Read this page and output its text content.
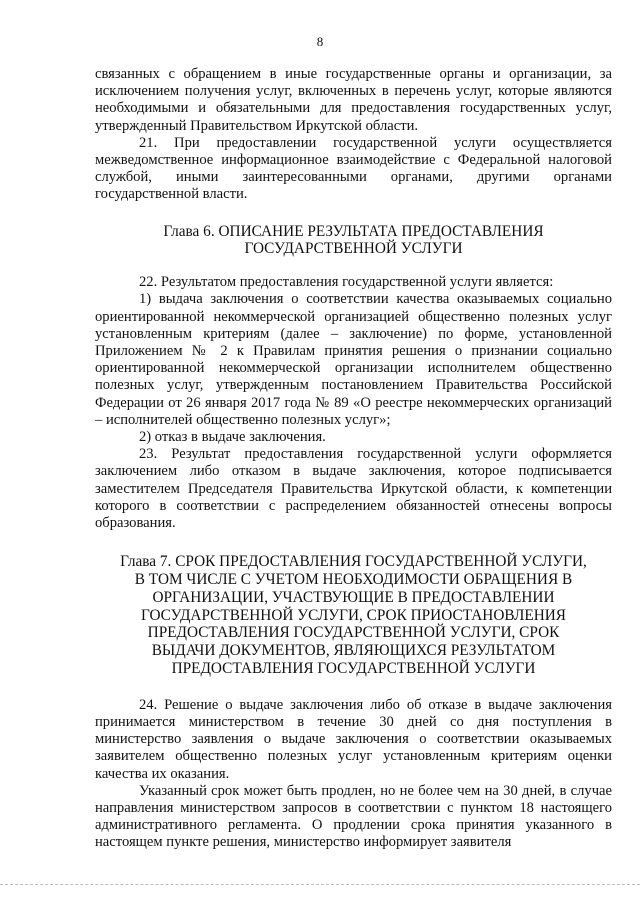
8

связанных с обращением в иные государственные органы и организации, за исключением получения услуг, включенных в перечень услуг, которые являются необходимыми и обязательными для предоставления государственных услуг, утвержденный Правительством Иркутской области.

21. При предоставлении государственной услуги осуществляется межведомственное информационное взаимодействие с Федеральной налоговой службой, иными заинтересованными органами, другими органами государственной власти.

Глава 6. ОПИСАНИЕ РЕЗУЛЬТАТА ПРЕДОСТАВЛЕНИЯ
ГОСУДАРСТВЕННОЙ УСЛУГИ

22. Результатом предоставления государственной услуги является:

1) выдача заключения о соответствии качества оказываемых социально ориентированной некоммерческой организацией общественно полезных услуг установленным критериям (далее – заключение) по форме, установленной Приложением № 2 к Правилам принятия решения о признании социально ориентированной некоммерческой организации исполнителем общественно полезных услуг, утвержденным постановлением Правительства Российской Федерации от 26 января 2017 года № 89 «О реестре некоммерческих организаций – исполнителей общественно полезных услуг»;

2) отказ в выдаче заключения.

23. Результат предоставления государственной услуги оформляется заключением либо отказом в выдаче заключения, которое подписывается заместителем Председателя Правительства Иркутской области, к компетенции которого в соответствии с распределением обязанностей отнесены вопросы образования.

Глава 7. СРОК ПРЕДОСТАВЛЕНИЯ ГОСУДАРСТВЕННОЙ УСЛУГИ,
В ТОМ ЧИСЛЕ С УЧЕТОМ НЕОБХОДИМОСТИ ОБРАЩЕНИЯ В
ОРГАНИЗАЦИИ, УЧАСТВУЮЩИЕ В ПРЕДОСТАВЛЕНИИ
ГОСУДАРСТВЕННОЙ УСЛУГИ, СРОК ПРИОСТАНОВЛЕНИЯ
ПРЕДОСТАВЛЕНИЯ ГОСУДАРСТВЕННОЙ УСЛУГИ, СРОК
ВЫДАЧИ ДОКУМЕНТОВ, ЯВЛЯЮЩИХСЯ РЕЗУЛЬТАТОМ
ПРЕДОСТАВЛЕНИЯ ГОСУДАРСТВЕННОЙ УСЛУГИ

24. Решение о выдаче заключения либо об отказе в выдаче заключения принимается министерством в течение 30 дней со дня поступления в министерство заявления о выдаче заключения о соответствии оказываемых заявителем общественно полезных услуг установленным критериям оценки качества их оказания.

Указанный срок может быть продлен, но не более чем на 30 дней, в случае направления министерством запросов в соответствии с пунктом 18 настоящего административного регламента. О продлении срока принятия указанного в настоящем пункте решения, министерство информирует заявителя
